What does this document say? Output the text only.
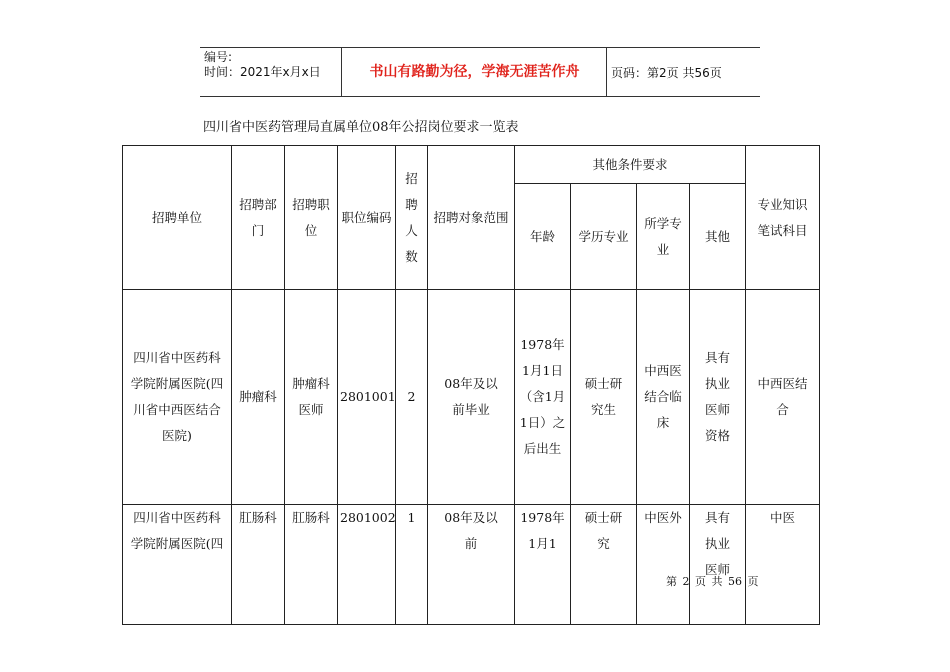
编号:
时间：2021年x月x日	书山有路勤为径，学海无涯苦作舟	页码：第2页 共56页
四川省中医药管理局直属单位08年公招岗位要求一览表
招聘单位	招聘部门	招聘职位	职位编码	招聘人数	招聘对象范围	其他条件要求				专业知识笔试科目
						年龄	学历专业	所学专业	其他	
四川省中医药科学院附属医院(四川省中西医结合医院)	肿瘤科	肿瘤科医师	2801001	2	08年及以前毕业	1978年1月1日（含1月1日）之后出生	硕士研究生	中西医结合临床	具有执业医师资格	中西医结合
四川省中医药科学院附属医院(四	肛肠科	肛肠科	2801002	1	08年及以前	1978年1月1	硕士研究	中医外	具有执业医师	中医
第 2 页 共 56 页
